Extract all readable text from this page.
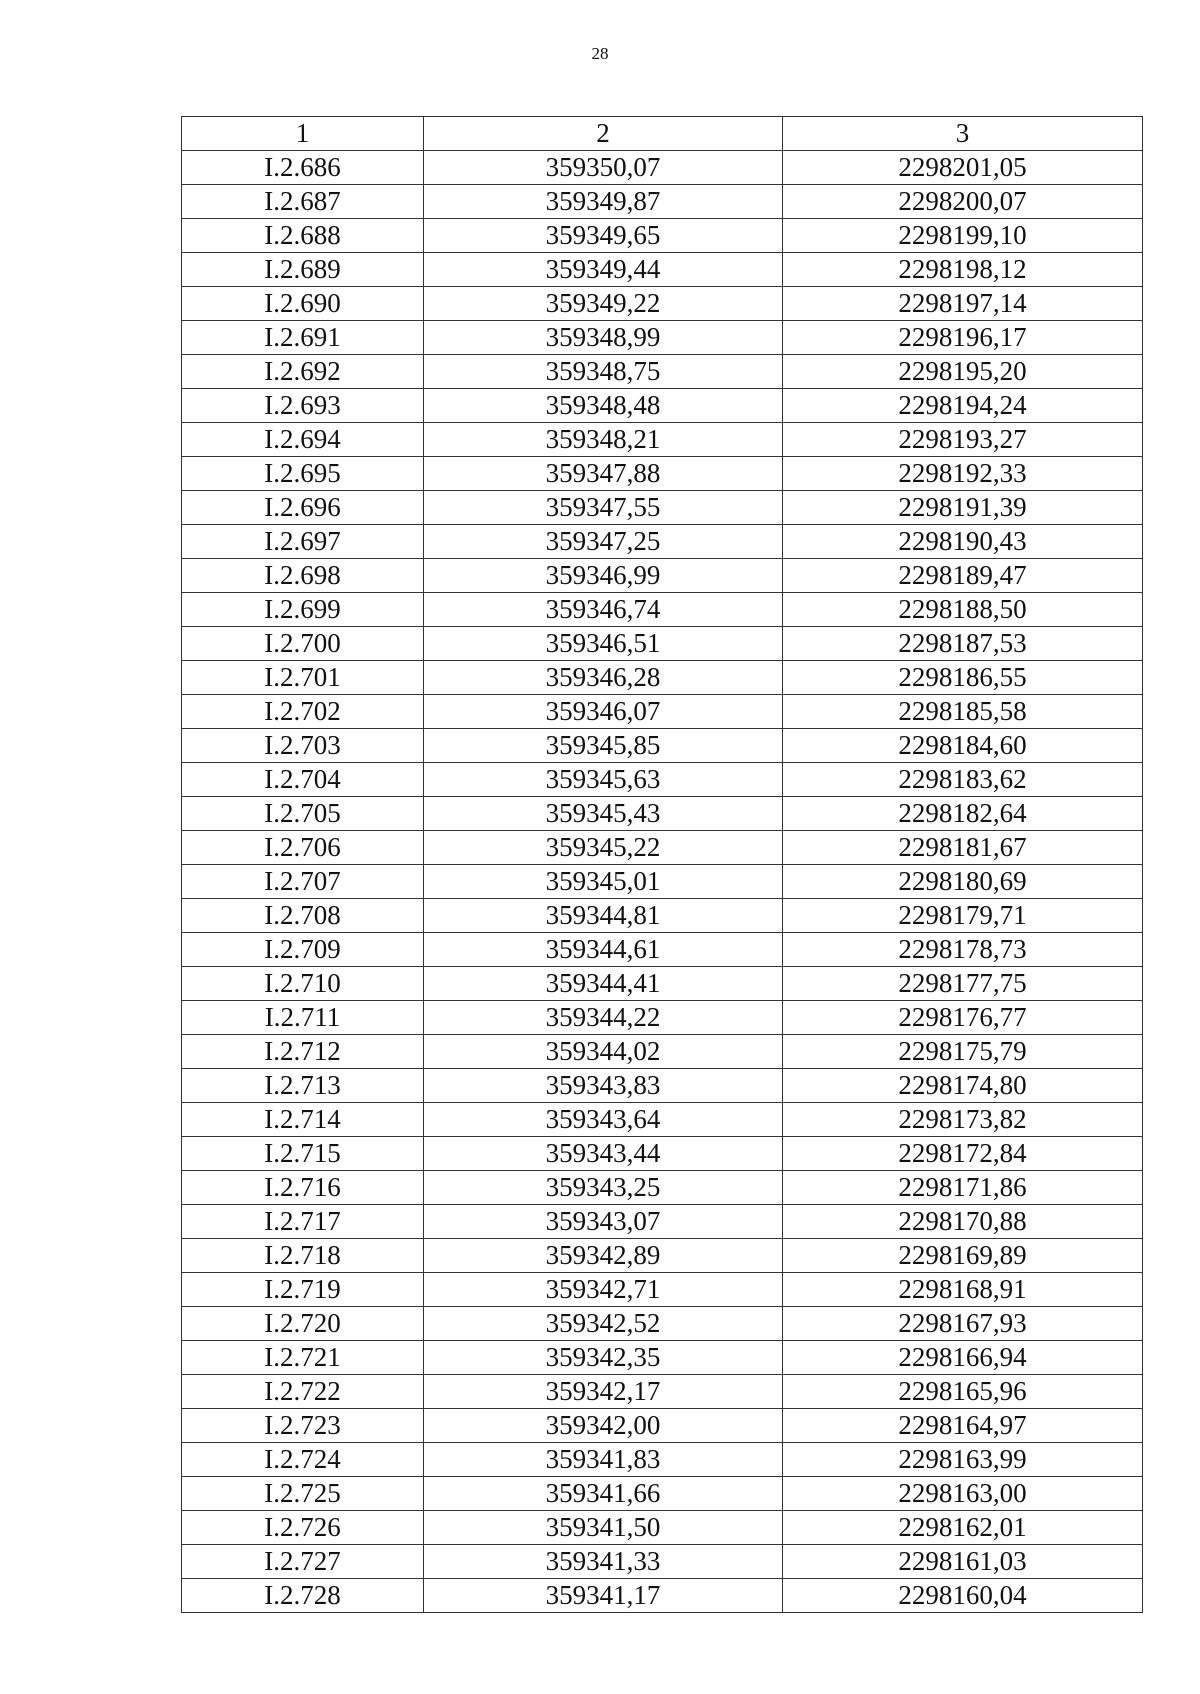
28
1	2	3
I.2.686	359350,07	2298201,05
I.2.687	359349,87	2298200,07
I.2.688	359349,65	2298199,10
I.2.689	359349,44	2298198,12
I.2.690	359349,22	2298197,14
I.2.691	359348,99	2298196,17
I.2.692	359348,75	2298195,20
I.2.693	359348,48	2298194,24
I.2.694	359348,21	2298193,27
I.2.695	359347,88	2298192,33
I.2.696	359347,55	2298191,39
I.2.697	359347,25	2298190,43
I.2.698	359346,99	2298189,47
I.2.699	359346,74	2298188,50
I.2.700	359346,51	2298187,53
I.2.701	359346,28	2298186,55
I.2.702	359346,07	2298185,58
I.2.703	359345,85	2298184,60
I.2.704	359345,63	2298183,62
I.2.705	359345,43	2298182,64
I.2.706	359345,22	2298181,67
I.2.707	359345,01	2298180,69
I.2.708	359344,81	2298179,71
I.2.709	359344,61	2298178,73
I.2.710	359344,41	2298177,75
I.2.711	359344,22	2298176,77
I.2.712	359344,02	2298175,79
I.2.713	359343,83	2298174,80
I.2.714	359343,64	2298173,82
I.2.715	359343,44	2298172,84
I.2.716	359343,25	2298171,86
I.2.717	359343,07	2298170,88
I.2.718	359342,89	2298169,89
I.2.719	359342,71	2298168,91
I.2.720	359342,52	2298167,93
I.2.721	359342,35	2298166,94
I.2.722	359342,17	2298165,96
I.2.723	359342,00	2298164,97
I.2.724	359341,83	2298163,99
I.2.725	359341,66	2298163,00
I.2.726	359341,50	2298162,01
I.2.727	359341,33	2298161,03
I.2.728	359341,17	2298160,04
